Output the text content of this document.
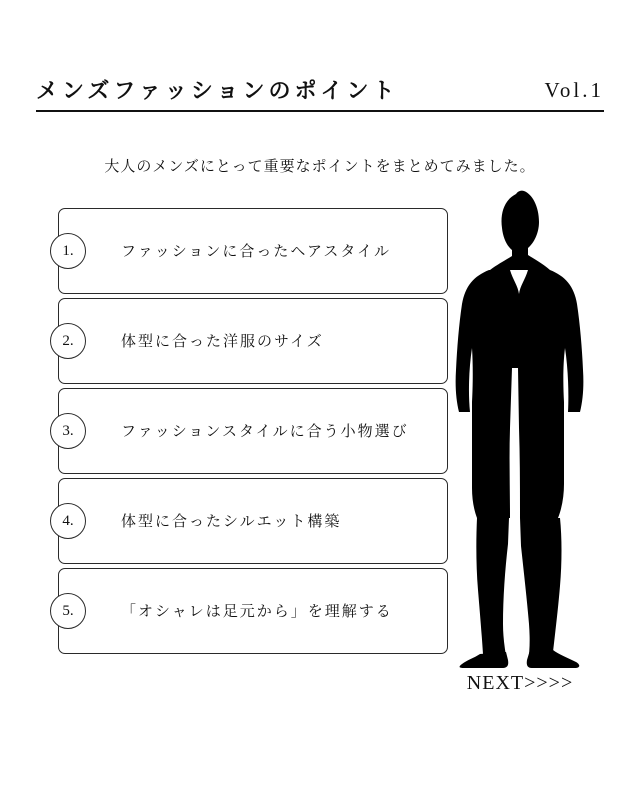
メンズファッションのポイント	Vol.1
大人のメンズにとって重要なポイントをまとめてみました。
ファッションに合ったヘアスタイル
1.
体型に合った洋服のサイズ
2.
ファッションスタイルに合う小物選び
3.
体型に合ったシルエット構築
4.
「オシャレは足元から」を理解する
5.
NEXT>>>>
